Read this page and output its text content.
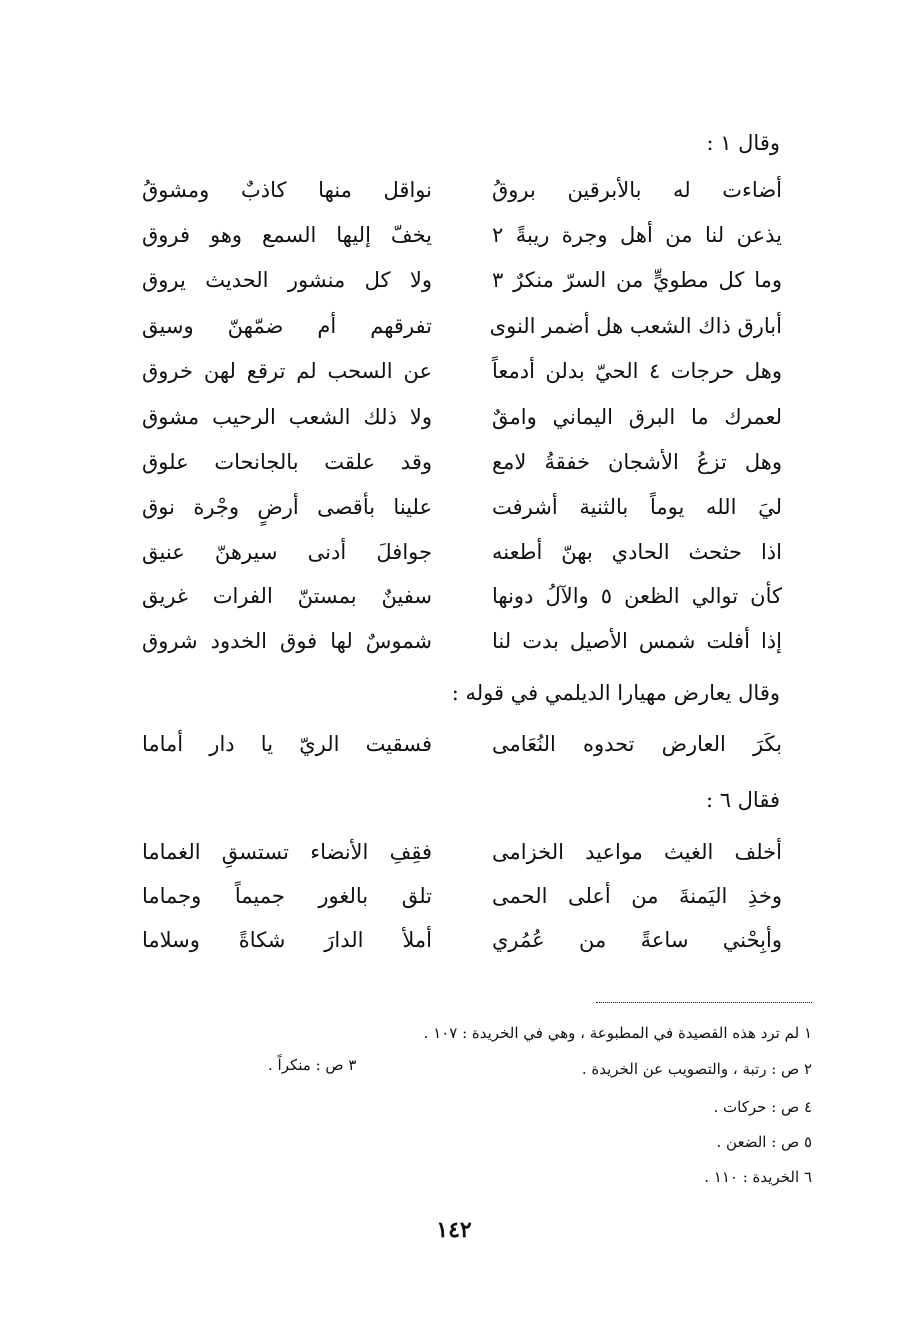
وقال ١ :
أضاءت له بالأبرقين بروقُ
نواقل منها كاذبٌ ومشوقُ
يذعن لنا من أهل وجرة ريبةً ٢
يخفّ إليها السمع وهو فروق
وما كل مطويٍّ من السرّ منكرٌ ٣
ولا كل منشور الحديث يروق
أبارق ذاك الشعب هل أضمر النوى
تفرقهم أم ضمّهنّ وسيق
وهل حرجات ٤ الحيّ بدلن أدمعاً
عن السحب لم ترقع لهن خروق
لعمرك ما البرق اليماني وامقٌ
ولا ذلك الشعب الرحيب مشوق
وهل تزعُ الأشجان خفقةُ لامع
وقد علقت بالجانحات علوق
ليَ الله يوماً بالثنية أشرفت
علينا بأقصى أرضٍ وجْرة نوق
اذا حثحث الحادي بهنّ أطعنه
جوافلَ أدنى سيرهنّ عنيق
كأن توالي الظعن ٥ والآلُ دونها
سفينٌ بمستنّ الفرات غريق
إذا أفلت شمس الأصيل بدت لنا
شموسٌ لها فوق الخدود شروق
وقال يعارض مهيارا الديلمي في قوله :
بكَرَ العارض تحدوه النُعَامى
فسقيت الريّ يا دار أماما
فقال ٦ :
أخلف الغيث مواعيد الخزامى
فقِفِ الأنضاء تستسقِ الغماما
وخذِ اليَمنةَ من أعلى الحمى
تلق بالغور جميماً وجماما
وأبِحْني ساعةً من عُمُري
أملأ الدارَ شكاةً وسلاما
١ لم ترد هذه القصيدة في المطبوعة ، وهي في الخريدة : ١٠٧ .
٢ ص : رتبة ، والتصويب عن الخريدة .
٣ ص : منكراً .
٤ ص : حركات .
٥ ص : الضعن .
٦ الخريدة : ١١٠ .
١٤٢
